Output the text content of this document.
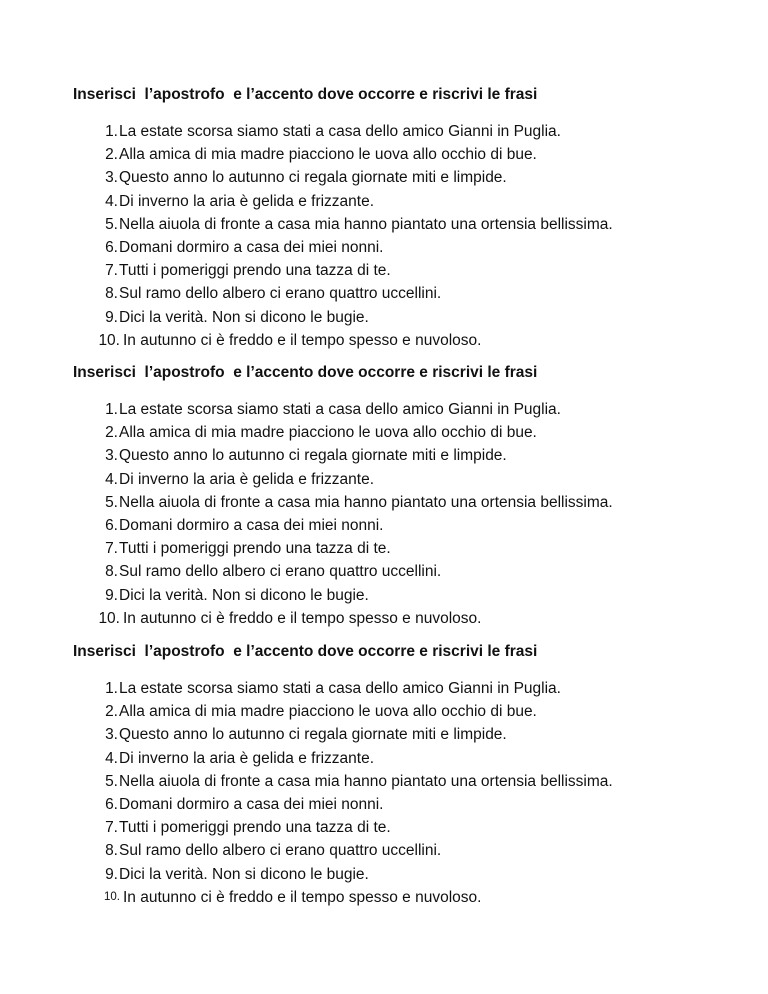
Inserisci  l’apostrofo  e l’accento dove occorre e riscrivi le frasi
1. La estate scorsa siamo stati a casa dello amico Gianni in Puglia.
2. Alla amica di mia madre piacciono le uova allo occhio di bue.
3. Questo anno lo autunno ci regala giornate miti e limpide.
4. Di inverno la aria è gelida e frizzante.
5. Nella aiuola di fronte a casa mia hanno piantato una ortensia bellissima.
6. Domani dormiro a casa dei miei nonni.
7. Tutti i pomeriggi prendo una tazza di te.
8. Sul ramo dello albero ci erano quattro uccellini.
9. Dici la verità. Non si dicono le bugie.
10. In autunno ci è freddo e il tempo spesso e nuvoloso.
Inserisci  l’apostrofo  e l’accento dove occorre e riscrivi le frasi
1. La estate scorsa siamo stati a casa dello amico Gianni in Puglia.
2. Alla amica di mia madre piacciono le uova allo occhio di bue.
3. Questo anno lo autunno ci regala giornate miti e limpide.
4. Di inverno la aria è gelida e frizzante.
5. Nella aiuola di fronte a casa mia hanno piantato una ortensia bellissima.
6. Domani dormiro a casa dei miei nonni.
7. Tutti i pomeriggi prendo una tazza di te.
8. Sul ramo dello albero ci erano quattro uccellini.
9. Dici la verità. Non si dicono le bugie.
10. In autunno ci è freddo e il tempo spesso e nuvoloso.
Inserisci  l’apostrofo  e l’accento dove occorre e riscrivi le frasi
1. La estate scorsa siamo stati a casa dello amico Gianni in Puglia.
2. Alla amica di mia madre piacciono le uova allo occhio di bue.
3. Questo anno lo autunno ci regala giornate miti e limpide.
4. Di inverno la aria è gelida e frizzante.
5. Nella aiuola di fronte a casa mia hanno piantato una ortensia bellissima.
6. Domani dormiro a casa dei miei nonni.
7. Tutti i pomeriggi prendo una tazza di te.
8. Sul ramo dello albero ci erano quattro uccellini.
9. Dici la verità. Non si dicono le bugie.
10. In autunno ci è freddo e il tempo spesso e nuvoloso.
